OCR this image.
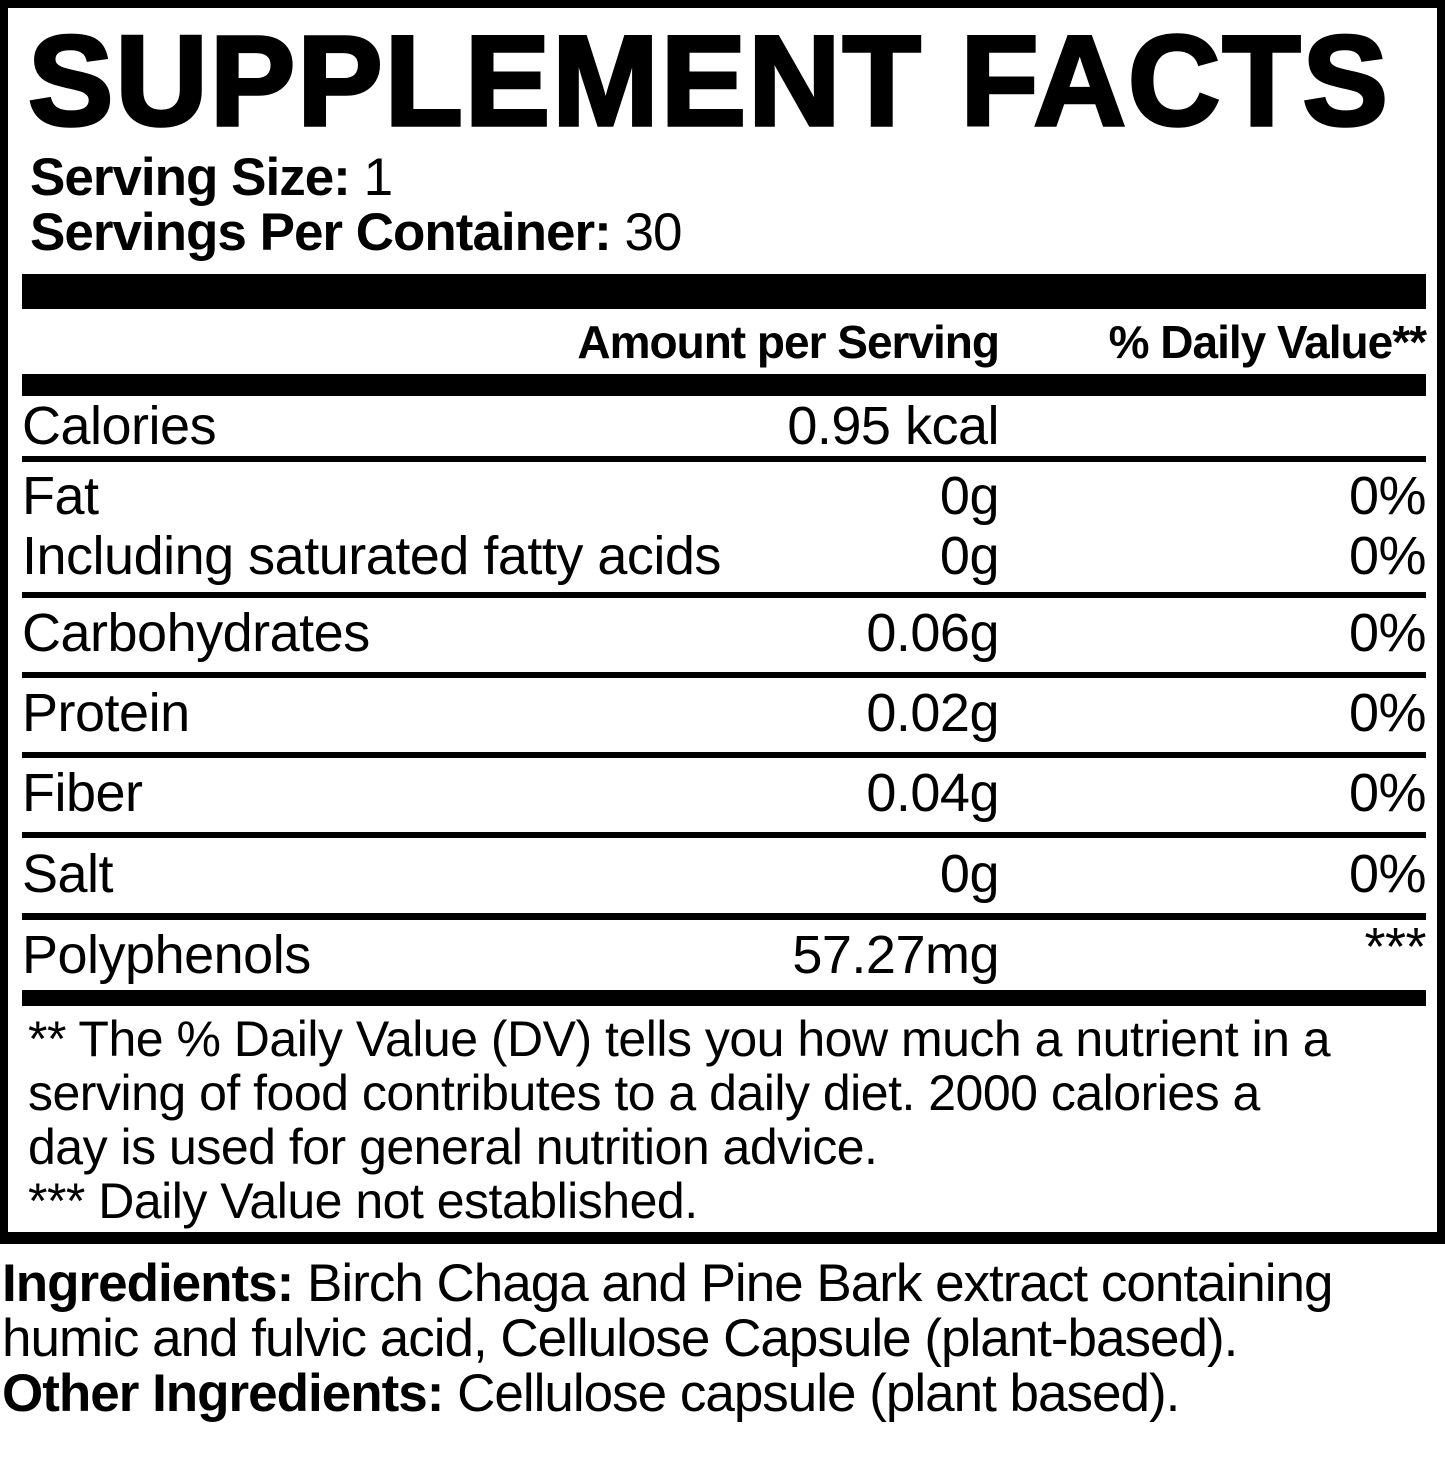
SUPPLEMENT FACTS
Serving Size: 1
Servings Per Container: 30
Amount per Serving	% Daily Value**
Calories	0.95 kcal
Fat	0g	0%
Including saturated fatty acids	0g	0%
Carbohydrates	0.06g	0%
Protein	0.02g	0%
Fiber	0.04g	0%
Salt	0g	0%
Polyphenols	57.27mg	***
** The % Daily Value (DV) tells you how much a nutrient in a serving of food contributes to a daily diet. 2000 calories a day is used for general nutrition advice.
*** Daily Value not established.
Ingredients: Birch Chaga and Pine Bark extract containing humic and fulvic acid, Cellulose Capsule (plant-based).
Other Ingredients: Cellulose capsule (plant based).
